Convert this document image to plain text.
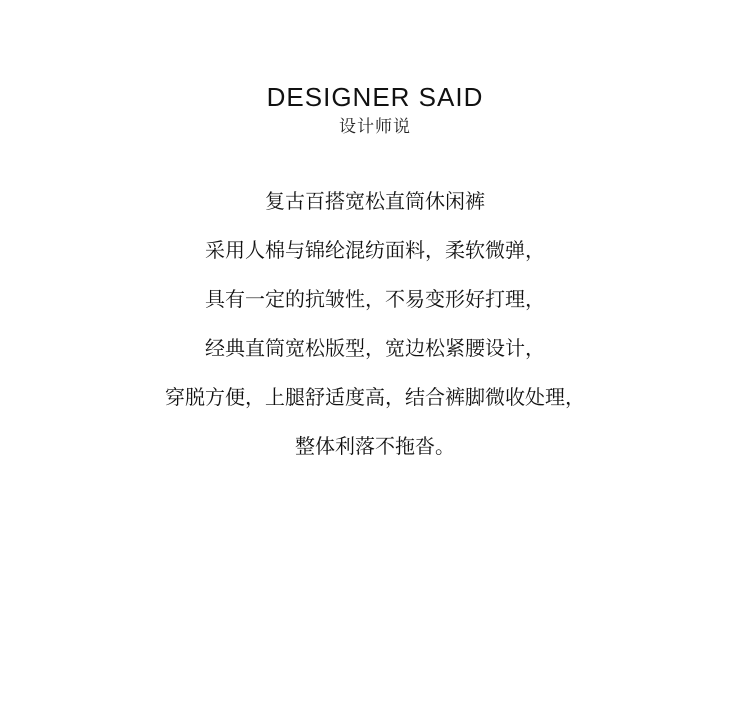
DESIGNER SAID
设计师说
复古百搭宽松直筒休闲裤
采用人棉与锦纶混纺面料，柔软微弹，
具有一定的抗皱性，不易变形好打理，
经典直筒宽松版型，宽边松紧腰设计，
穿脱方便，上腿舒适度高，结合裤脚微收处理，
整体利落不拖沓。
